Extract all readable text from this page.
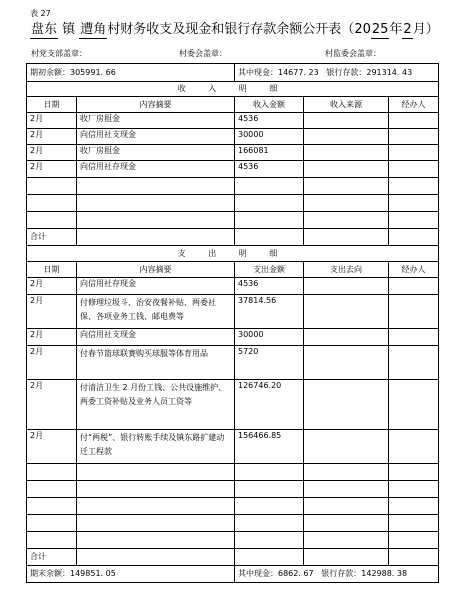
表 27
盘东 镇 遭角村财务收支及现金和银行存款余额公开表（2025年2月）
村党支部盖章：	村委会盖章：	村监委会盖章：
期初余额：305991. 66		其中现金：14677. 23 银行存款：291314. 43		
收 入 明 细				
日期	内容摘要	收入金额	收入来源	经办人
2月	收厂房租金	4536		
2月	向信用社支现金	30000		
2月	收厂房租金	166081		
2月	向信用社存现金	4536		

合计				
支 出 明 细				
日期	内容摘要	支出金额	支出去向	经办人
2月	向信用社存现金	4536		
2月	付修理垃圾斗、治安夜餐补贴、两委社保、各项业务工钱、邮电费等	37814.56		
2月	向信用社支现金	30000		
2月	付春节篮球联赛购买球服等体育用品	5720		
2月	付清洁卫生 2 月份工钱、公共设施维护、两委工资补贴及业务人员工资等	126746.20		
2月	付“两税”、银行转账手续及镇东路扩建动迁工程款	156466.85		

合计				
期末余额：149851. 05		其中现金：6862. 67 银行存款：142988. 38		
